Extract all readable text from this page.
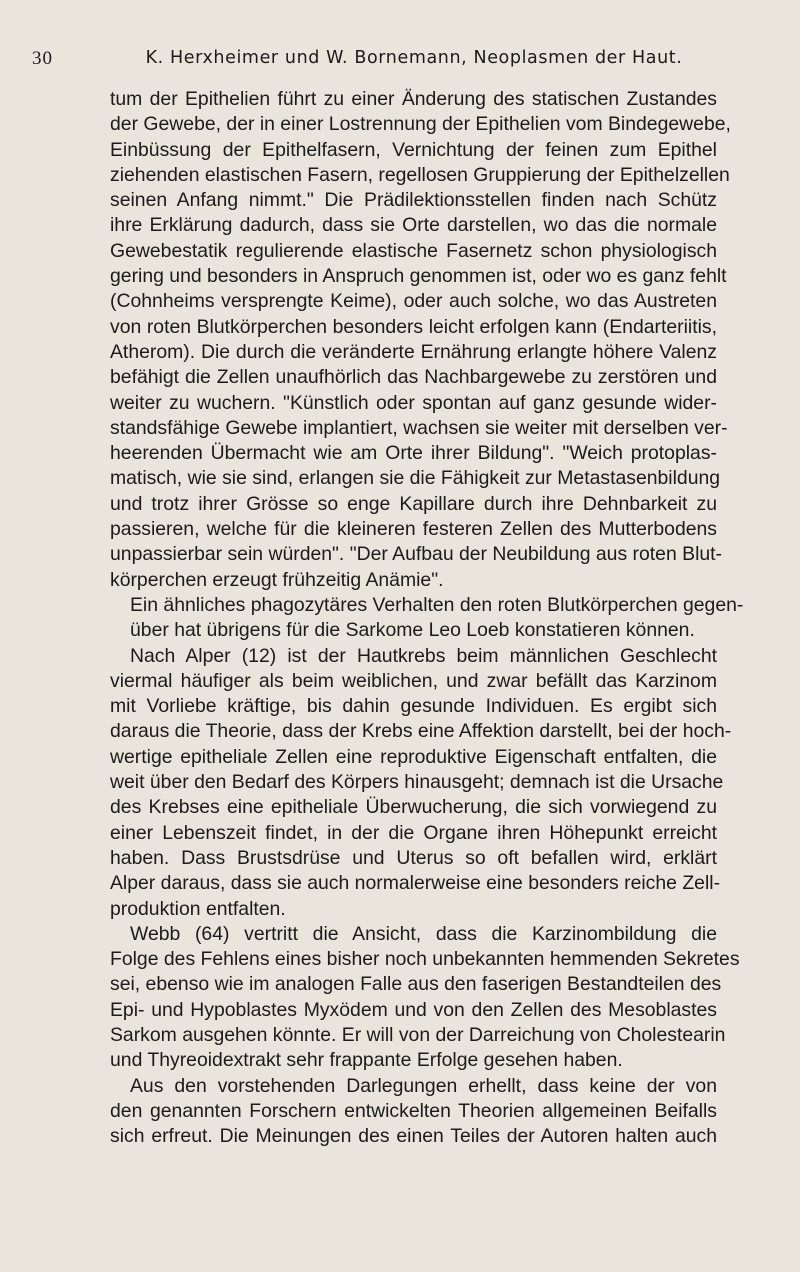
30	K. Herxheimer und W. Bornemann, Neoplasmen der Haut.
tum der Epithelien führt zu einer Änderung des statischen Zustandes
der Gewebe, der in einer Lostrennung der Epithelien vom Bindegewebe,
Einbüssung der Epithelfasern, Vernichtung der feinen zum Epithel
ziehenden elastischen Fasern, regellosen Gruppierung der Epithelzellen
seinen Anfang nimmt." Die Prädilektionsstellen finden nach Schütz
ihre Erklärung dadurch, dass sie Orte darstellen, wo das die normale
Gewebestatik regulierende elastische Fasernetz schon physiologisch
gering und besonders in Anspruch genommen ist, oder wo es ganz fehlt
(Cohnheims versprengte Keime), oder auch solche, wo das Austreten
von roten Blutkörperchen besonders leicht erfolgen kann (Endarteriitis,
Atherom). Die durch die veränderte Ernährung erlangte höhere Valenz
befähigt die Zellen unaufhörlich das Nachbargewebe zu zerstören und
weiter zu wuchern. "Künstlich oder spontan auf ganz gesunde wider-
standsfähige Gewebe implantiert, wachsen sie weiter mit derselben ver-
heerenden Übermacht wie am Orte ihrer Bildung". "Weich protoplas-
matisch, wie sie sind, erlangen sie die Fähigkeit zur Metastasenbildung
und trotz ihrer Grösse so enge Kapillare durch ihre Dehnbarkeit zu
passieren, welche für die kleineren festeren Zellen des Mutterbodens
unpassierbar sein würden". "Der Aufbau der Neubildung aus roten Blut-
körperchen erzeugt frühzeitig Anämie".
Ein ähnliches phagozytäres Verhalten den roten Blutkörperchen gegen-
über hat übrigens für die Sarkome Leo Loeb konstatieren können.
Nach Alper (12) ist der Hautkrebs beim männlichen Geschlecht
viermal häufiger als beim weiblichen, und zwar befällt das Karzinom
mit Vorliebe kräftige, bis dahin gesunde Individuen. Es ergibt sich
daraus die Theorie, dass der Krebs eine Affektion darstellt, bei der hoch-
wertige epitheliale Zellen eine reproduktive Eigenschaft entfalten, die
weit über den Bedarf des Körpers hinausgeht; demnach ist die Ursache
des Krebses eine epitheliale Überwucherung, die sich vorwiegend zu
einer Lebenszeit findet, in der die Organe ihren Höhepunkt erreicht
haben. Dass Brustsdrüse und Uterus so oft befallen wird, erklärt
Alper daraus, dass sie auch normalerweise eine besonders reiche Zell-
produktion entfalten.
Webb (64) vertritt die Ansicht, dass die Karzinombildung die
Folge des Fehlens eines bisher noch unbekannten hemmenden Sekretes
sei, ebenso wie im analogen Falle aus den faserigen Bestandteilen des
Epi- und Hypoblastes Myxödem und von den Zellen des Mesoblastes
Sarkom ausgehen könnte. Er will von der Darreichung von Cholestearin
und Thyreoidextrakt sehr frappante Erfolge gesehen haben.
Aus den vorstehenden Darlegungen erhellt, dass keine der von
den genannten Forschern entwickelten Theorien allgemeinen Beifalls
sich erfreut. Die Meinungen des einen Teiles der Autoren halten auch
